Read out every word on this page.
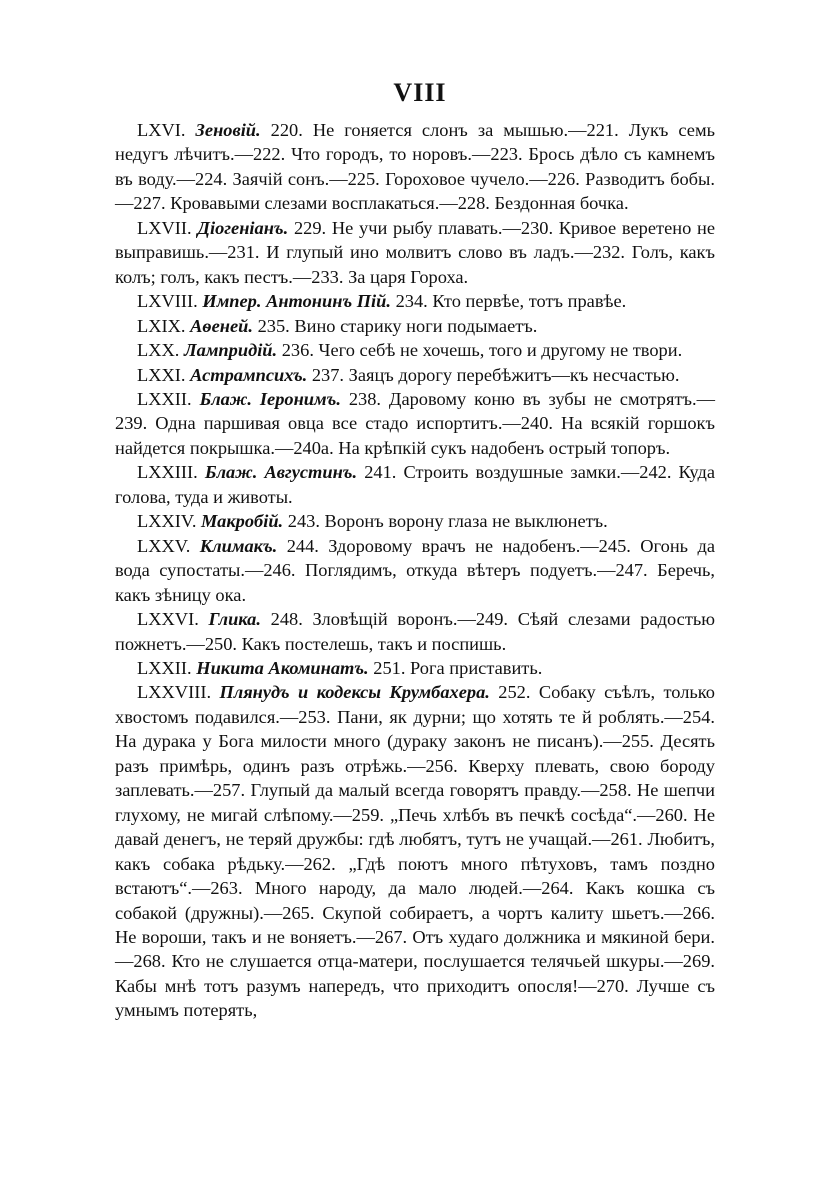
VIII

LXVI. Зеновій. 220. Не гоняется слонъ за мышью.—221. Лукъ семь недугъ лѣчитъ.—222. Что городъ, то норовъ.—223. Брось дѣло съ камнемъ въ воду.—224. Заячій сонъ.—225. Гороховое чучело.—226. Разводитъ бобы.—227. Кровавыми слезами восплакаться.—228. Бездонная бочка.

LXVII. Діогеніанъ. 229. Не учи рыбу плавать.—230. Кривое веретено не выправишь.—231. И глупый ино молвитъ слово въ ладъ.—232. Голъ, какъ колъ; голъ, какъ пестъ.—233. За царя Гороха.

LXVIII. Импер. Антонинъ Пій. 234. Кто первѣе, тотъ правѣе.

LXIX. Аѳеней. 235. Вино старику ноги подымаетъ.

LXX. Лампридій. 236. Чего себѣ не хочешь, того и другому не твори.

LXXI. Астрампсихъ. 237. Заяцъ дорогу перебѣжитъ—къ несчастью.

LXXII. Блаж. Іеронимъ. 238. Даровому коню въ зубы не смотрятъ.—239. Одна паршивая овца все стадо испортитъ.—240. На всякій горшокъ найдется покрышка.—240а. На крѣпкій сукъ надобенъ острый топоръ.

LXXIII. Блаж. Августинъ. 241. Строить воздушные замки.—242. Куда голова, туда и животы.

LXXIV. Макробій. 243. Воронъ ворону глаза не выклюнетъ.

LXXV. Климакъ. 244. Здоровому врачъ не надобенъ.—245. Огонь да вода супостаты.—246. Поглядимъ, откуда вѣтеръ подуетъ.—247. Беречь, какъ зѣницу ока.

LXXVI. Глика. 248. Зловѣщій воронъ.—249. Сѣяй слезами радостью пожнетъ.—250. Какъ постелешь, такъ и поспишь.

LXXII. Никита Акоминатъ. 251. Рога приставить.

LXXVIII. Плянудъ и кодексы Крумбахера. 252. Собаку съѣлъ, только хвостомъ подавился.—253. Пани, як дурни; що хотять те й роблять.—254. На дурака у Бога милости много (дураку законъ не писанъ).—255. Десять разъ примѣрь, одинъ разъ отрѣжь.—256. Кверху плевать, свою бороду заплевать.—257. Глупый да малый всегда говорятъ правду.—258. Не шепчи глухому, не мигай слѣпому.—259. „Печь хлѣбъ въ печкѣ сосѣда“.—260. Не давай денегъ, не теряй дружбы: гдѣ любятъ, тутъ не учащай.—261. Любитъ, какъ собака рѣдьку.—262. „Гдѣ поютъ много пѣтуховъ, тамъ поздно встаютъ“.—263. Много народу, да мало людей.—264. Какъ кошка съ собакой (дружны).—265. Скупой собираетъ, а чортъ калиту шьетъ.—266. Не вороши, такъ и не воняетъ.—267. Отъ худаго должника и мякиной бери.—268. Кто не слушается отца-матери, послушается телячьей шкуры.—269. Кабы мнѣ тотъ разумъ напередъ, что приходитъ опосля!—270. Лучше съ умнымъ потерять,
